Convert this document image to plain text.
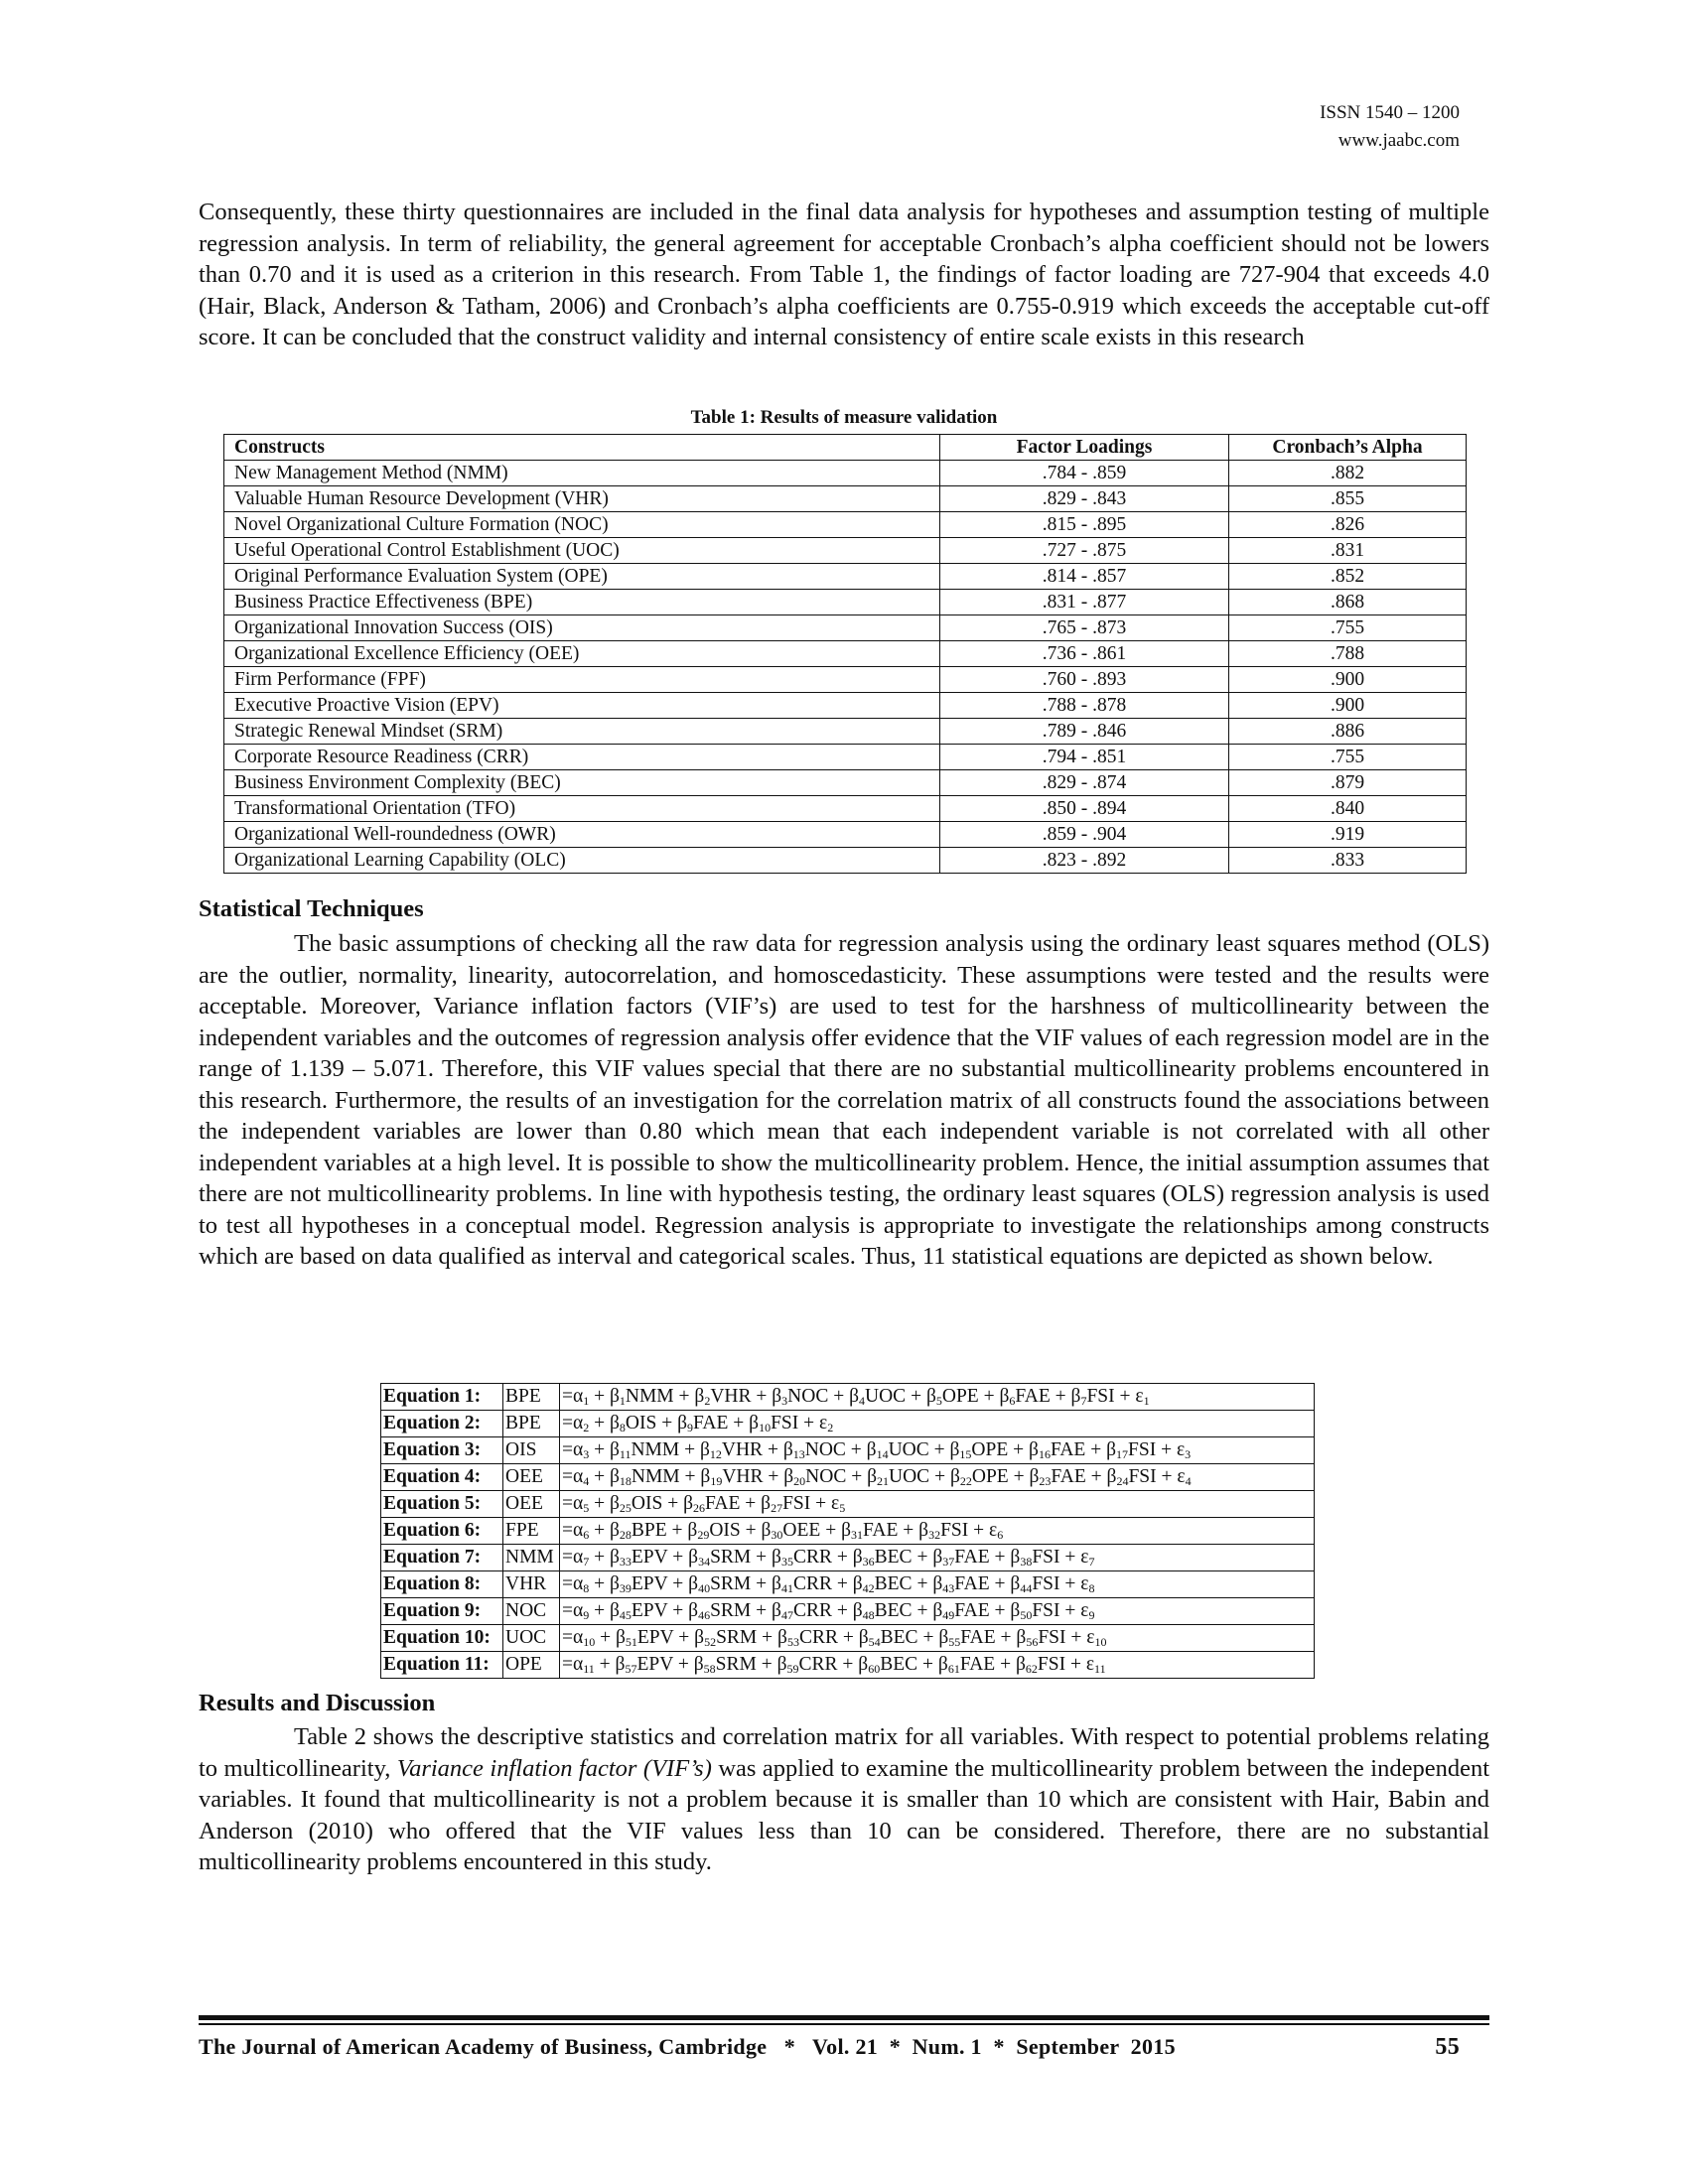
ISSN 1540 – 1200
www.jaabc.com

Consequently, these thirty questionnaires are included in the final data analysis for hypotheses and assumption testing of multiple regression analysis. In term of reliability, the general agreement for acceptable Cronbach’s alpha coefficient should not be lowers than 0.70 and it is used as a criterion in this research. From Table 1, the findings of factor loading are 727-904 that exceeds 4.0 (Hair, Black, Anderson & Tatham, 2006) and Cronbach’s alpha coefficients are 0.755-0.919 which exceeds the acceptable cut-off score. It can be concluded that the construct validity and internal consistency of entire scale exists in this research

Table 1: Results of measure validation
Constructs	Factor Loadings	Cronbach’s Alpha
New Management Method (NMM)	.784 - .859	.882
Valuable Human Resource Development (VHR)	.829 - .843	.855
Novel Organizational Culture Formation (NOC)	.815 - .895	.826
Useful Operational Control Establishment (UOC)	.727 - .875	.831
Original Performance Evaluation System (OPE)	.814 - .857	.852
Business Practice Effectiveness (BPE)	.831 - .877	.868
Organizational Innovation Success (OIS)	.765 - .873	.755
Organizational Excellence Efficiency (OEE)	.736 - .861	.788
Firm Performance (FPF)	.760 - .893	.900
Executive Proactive Vision (EPV)	.788 - .878	.900
Strategic Renewal Mindset (SRM)	.789 - .846	.886
Corporate Resource Readiness (CRR)	.794 - .851	.755
Business Environment Complexity (BEC)	.829 - .874	.879
Transformational Orientation (TFO)	.850 - .894	.840
Organizational Well-roundedness (OWR)	.859 - .904	.919
Organizational Learning Capability (OLC)	.823 - .892	.833
Statistical Techniques

The basic assumptions of checking all the raw data for regression analysis using the ordinary least squares method (OLS) are the outlier, normality, linearity, autocorrelation, and homoscedasticity. These assumptions were tested and the results were acceptable. Moreover, Variance inflation factors (VIF’s) are used to test for the harshness of multicollinearity between the independent variables and the outcomes of regression analysis offer evidence that the VIF values of each regression model are in the range of 1.139 – 5.071. Therefore, this VIF values special that there are no substantial multicollinearity problems encountered in this research. Furthermore, the results of an investigation for the correlation matrix of all constructs found the associations between the independent variables are lower than 0.80 which mean that each independent variable is not correlated with all other independent variables at a high level. It is possible to show the multicollinearity problem. Hence, the initial assumption assumes that there are not multicollinearity problems. In line with hypothesis testing, the ordinary least squares (OLS) regression analysis is used to test all hypotheses in a conceptual model. Regression analysis is appropriate to investigate the relationships among constructs which are based on data qualified as interval and categorical scales. Thus, 11 statistical equations are depicted as shown below.

Equation 1:	BPE	$=\alpha_1 + \beta_1NMM + \beta_2VHR + \beta_3NOC + \beta_4UOC + \beta_5OPE + \beta_6FAE + \beta_7FSI + \varepsilon_1$
Equation 2:	BPE	$=\alpha_2 + \beta_8OIS + \beta_9FAE + \beta_{10}FSI + \varepsilon_2$
Equation 3:	OIS	$=\alpha_3 + \beta_{11}NMM + \beta_{12}VHR + \beta_{13}NOC + \beta_{14}UOC + \beta_{15}OPE + \beta_{16}FAE + \beta_{17}FSI + \varepsilon_3$
Equation 4:	OEE	$=\alpha_4 + \beta_{18}NMM + \beta_{19}VHR + \beta_{20}NOC + \beta_{21}UOC + \beta_{22}OPE + \beta_{23}FAE + \beta_{24}FSI + \varepsilon_4$
Equation 5:	OEE	$=\alpha_5 + \beta_{25}OIS + \beta_{26}FAE + \beta_{27}FSI + \varepsilon_5$
Equation 6:	FPE	$=\alpha_6 + \beta_{28}BPE + \beta_{29}OIS + \beta_{30}OEE + \beta_{31}FAE + \beta_{32}FSI + \varepsilon_6$
Equation 7:	NMM	$=\alpha_7 + \beta_{33}EPV + \beta_{34}SRM + \beta_{35}CRR + \beta_{36}BEC + \beta_{37}FAE + \beta_{38}FSI + \varepsilon_7$
Equation 8:	VHR	$=\alpha_8 + \beta_{39}EPV + \beta_{40}SRM + \beta_{41}CRR + \beta_{42}BEC + \beta_{43}FAE + \beta_{44}FSI + \varepsilon_8$
Equation 9:	NOC	$=\alpha_9 + \beta_{45}EPV + \beta_{46}SRM + \beta_{47}CRR + \beta_{48}BEC + \beta_{49}FAE + \beta_{50}FSI + \varepsilon_9$
Equation 10:	UOC	$=\alpha_{10} + \beta_{51}EPV + \beta_{52}SRM + \beta_{53}CRR + \beta_{54}BEC + \beta_{55}FAE + \beta_{56}FSI + \varepsilon_{10}$
Equation 11:	OPE	$=\alpha_{11} + \beta_{57}EPV + \beta_{58}SRM + \beta_{59}CRR + \beta_{60}BEC + \beta_{61}FAE + \beta_{62}FSI + \varepsilon_{11}$
Results and Discussion

Table 2 shows the descriptive statistics and correlation matrix for all variables. With respect to potential problems relating to multicollinearity, Variance inflation factor (VIF’s) was applied to examine the multicollinearity problem between the independent variables. It found that multicollinearity is not a problem because it is smaller than 10 which are consistent with Hair, Babin and Anderson (2010) who offered that the VIF values less than 10 can be considered. Therefore, there are no substantial multicollinearity problems encountered in this study.

The Journal of American Academy of Business, Cambridge   *   Vol. 21  *  Num. 1  *  September  2015	55
